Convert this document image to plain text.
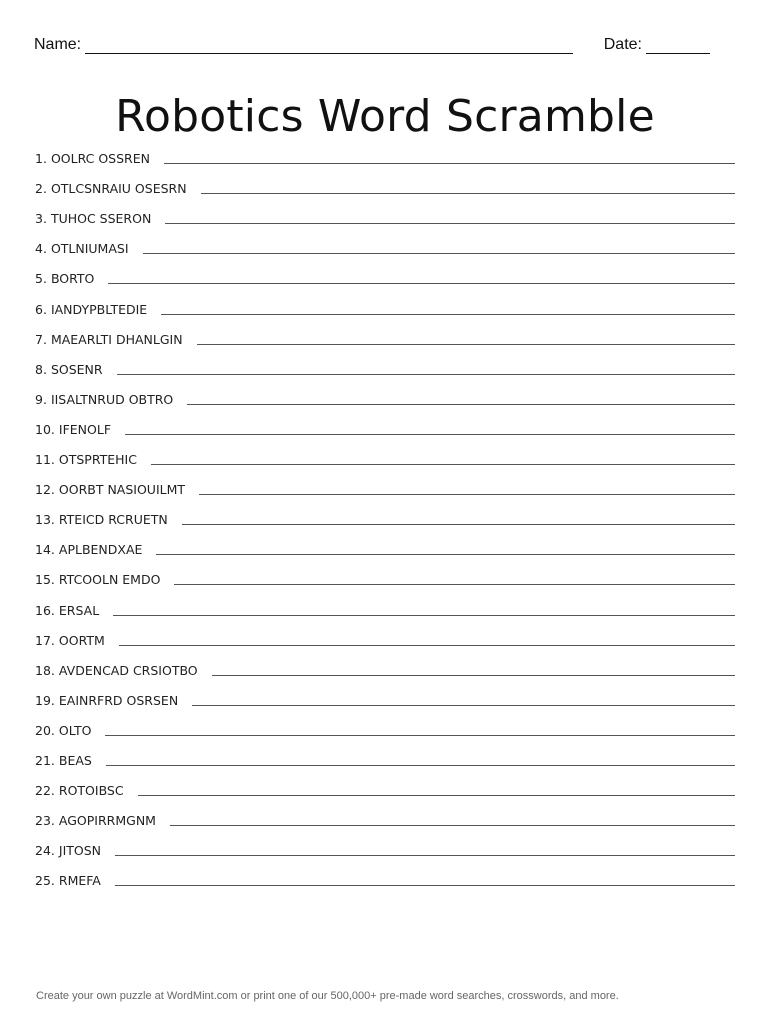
Name:	Date:
Robotics Word Scramble
1. OOLRC OSSREN
2. OTLCSNRAIU OSESRN
3. TUHOC SSERON
4. OTLNIUMASI
5. BORTO
6. IANDYPBLTEDIE
7. MAEARLTI DHANLGIN
8. SOSENR
9. IISALTNRUD OBTRO
10. IFENOLF
11. OTSPRTEHIC
12. OORBT NASIOUILMT
13. RTEICD RCRUETN
14. APLBENDXAE
15. RTCOOLN EMDO
16. ERSAL
17. OORTM
18. AVDENCAD CRSIOTBO
19. EAINRFRD OSRSEN
20. OLTO
21. BEAS
22. ROTOIBSC
23. AGOPIRRMGNM
24. JITOSN
25. RMEFA
Create your own puzzle at WordMint.com or print one of our 500,000+ pre-made word searches, crosswords, and more.
